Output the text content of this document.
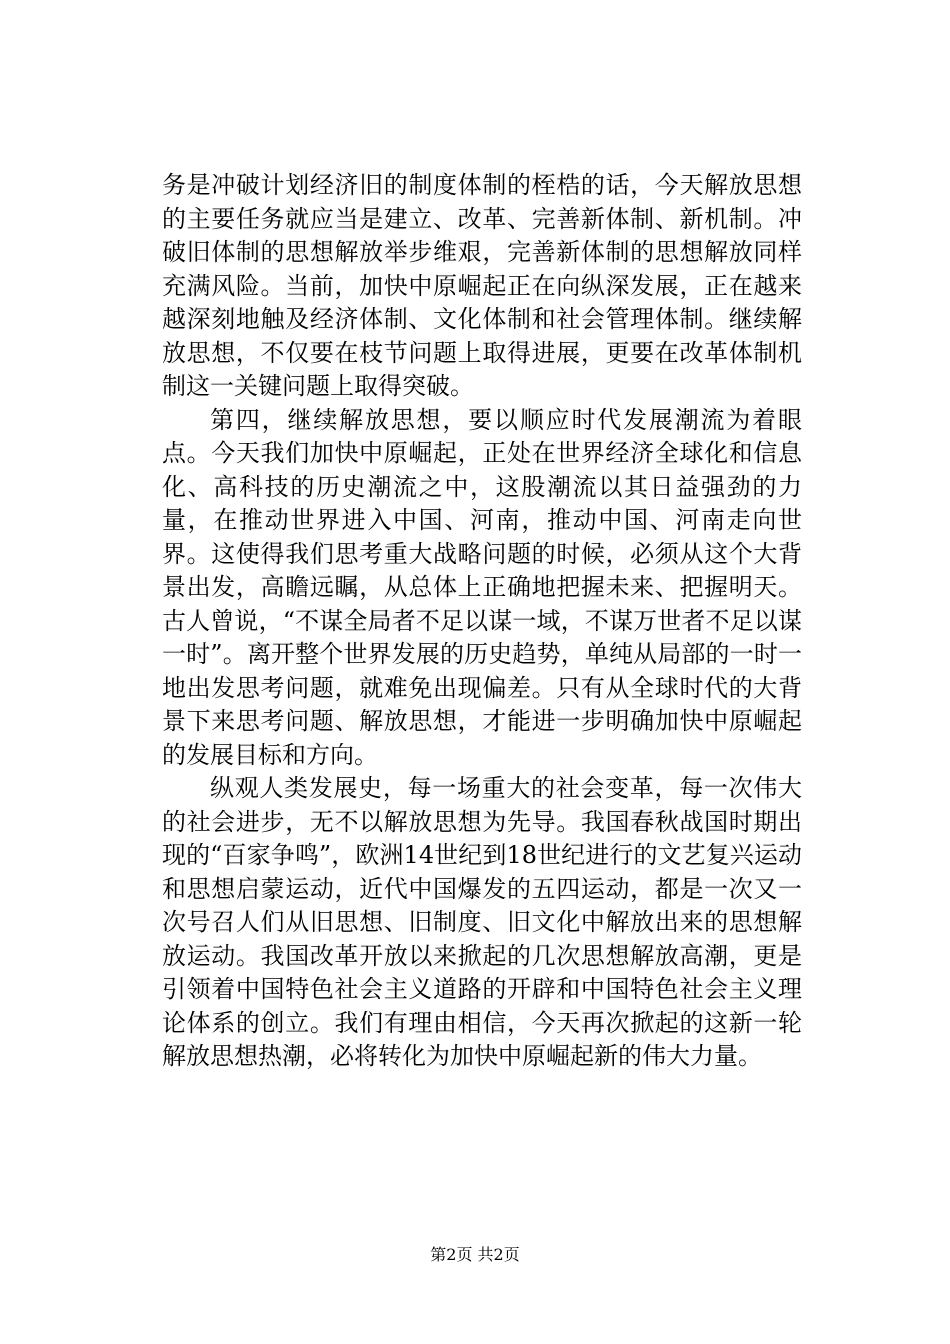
务是冲破计划经济旧的制度体制的桎梏的话，今天解放思想的主要任务就应当是建立、改革、完善新体制、新机制。冲破旧体制的思想解放举步维艰，完善新体制的思想解放同样充满风险。当前，加快中原崛起正在向纵深发展，正在越来越深刻地触及经济体制、文化体制和社会管理体制。继续解放思想，不仅要在枝节问题上取得进展，更要在改革体制机制这一关键问题上取得突破。

第四，继续解放思想，要以顺应时代发展潮流为着眼点。今天我们加快中原崛起，正处在世界经济全球化和信息化、高科技的历史潮流之中，这股潮流以其日益强劲的力量，在推动世界进入中国、河南，推动中国、河南走向世界。这使得我们思考重大战略问题的时候，必须从这个大背景出发，高瞻远瞩，从总体上正确地把握未来、把握明天。古人曾说，“不谋全局者不足以谋一域，不谋万世者不足以谋一时”。离开整个世界发展的历史趋势，单纯从局部的一时一地出发思考问题，就难免出现偏差。只有从全球时代的大背景下来思考问题、解放思想，才能进一步明确加快中原崛起的发展目标和方向。

纵观人类发展史，每一场重大的社会变革，每一次伟大的社会进步，无不以解放思想为先导。我国春秋战国时期出现的“百家争鸣”，欧洲14世纪到18世纪进行的文艺复兴运动和思想启蒙运动，近代中国爆发的五四运动，都是一次又一次号召人们从旧思想、旧制度、旧文化中解放出来的思想解放运动。我国改革开放以来掀起的几次思想解放高潮，更是引领着中国特色社会主义道路的开辟和中国特色社会主义理论体系的创立。我们有理由相信，今天再次掀起的这新一轮解放思想热潮，必将转化为加快中原崛起新的伟大力量。

第2页 共2页
